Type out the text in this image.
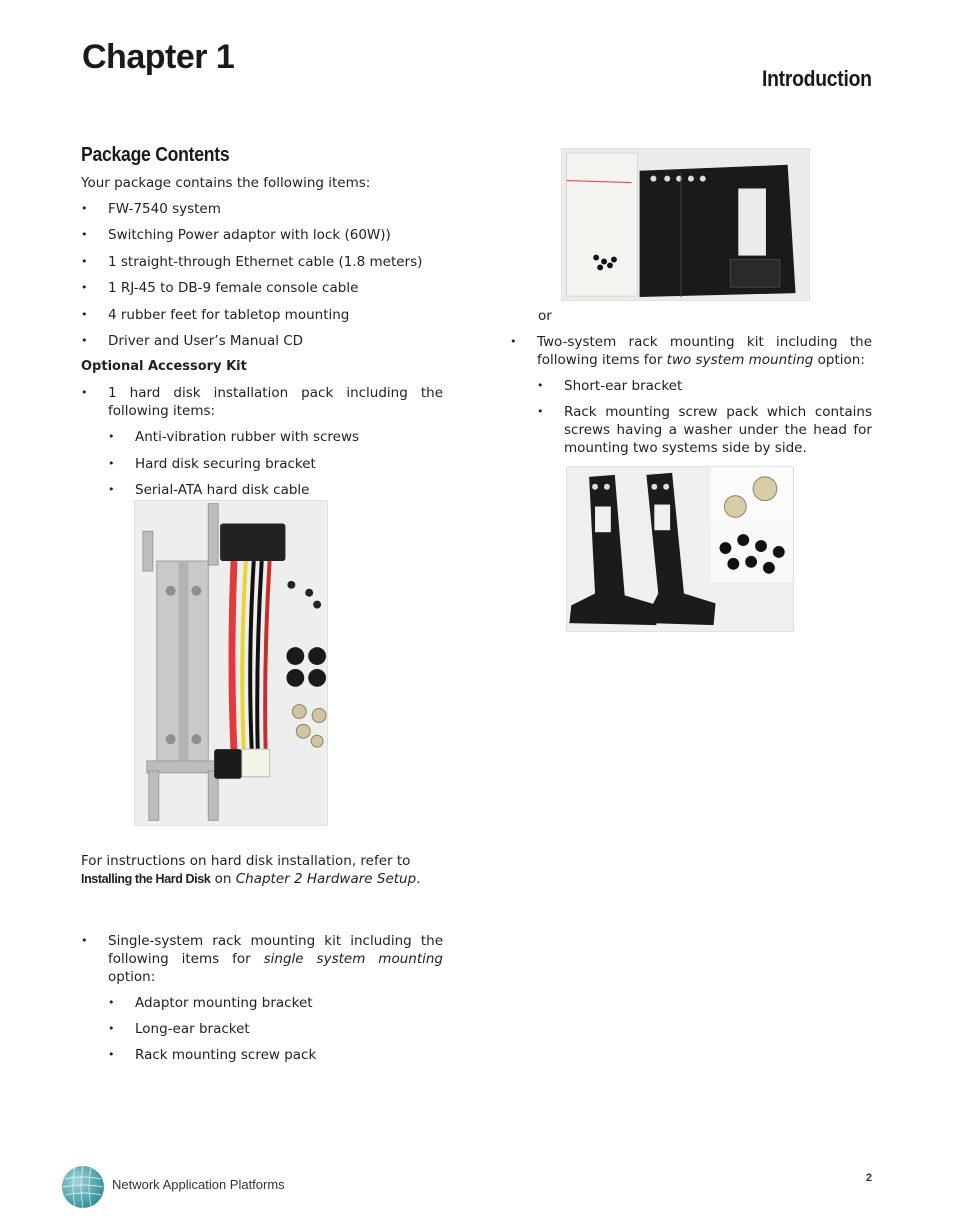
Chapter 1
Introduction
Package Contents

Your package contains the following items:

• FW-7540 system
• Switching Power adaptor with lock (60W))
• 1 straight-through Ethernet cable (1.8 meters)
• 1 RJ-45 to DB-9 female console cable
• 4 rubber feet for tabletop mounting
• Driver and User’s Manual CD
Optional Accessory Kit
• 1 hard disk installation pack including the following items:
• Anti-vibration rubber with screws
• Hard disk securing bracket
• Serial-ATA hard disk cable

For instructions on hard disk installation, refer to Installing the Hard Disk on Chapter 2 Hardware Setup.

• Single-system rack mounting kit including the following items for single system mounting option:
• Adaptor mounting bracket
• Long-ear bracket
• Rack mounting screw pack

or

• Two-system rack mounting kit including the following items for two system mounting option:
• Short-ear bracket
• Rack mounting screw pack which contains screws having a washer under the head for mounting two systems side by side.
Network Application Platforms	2
